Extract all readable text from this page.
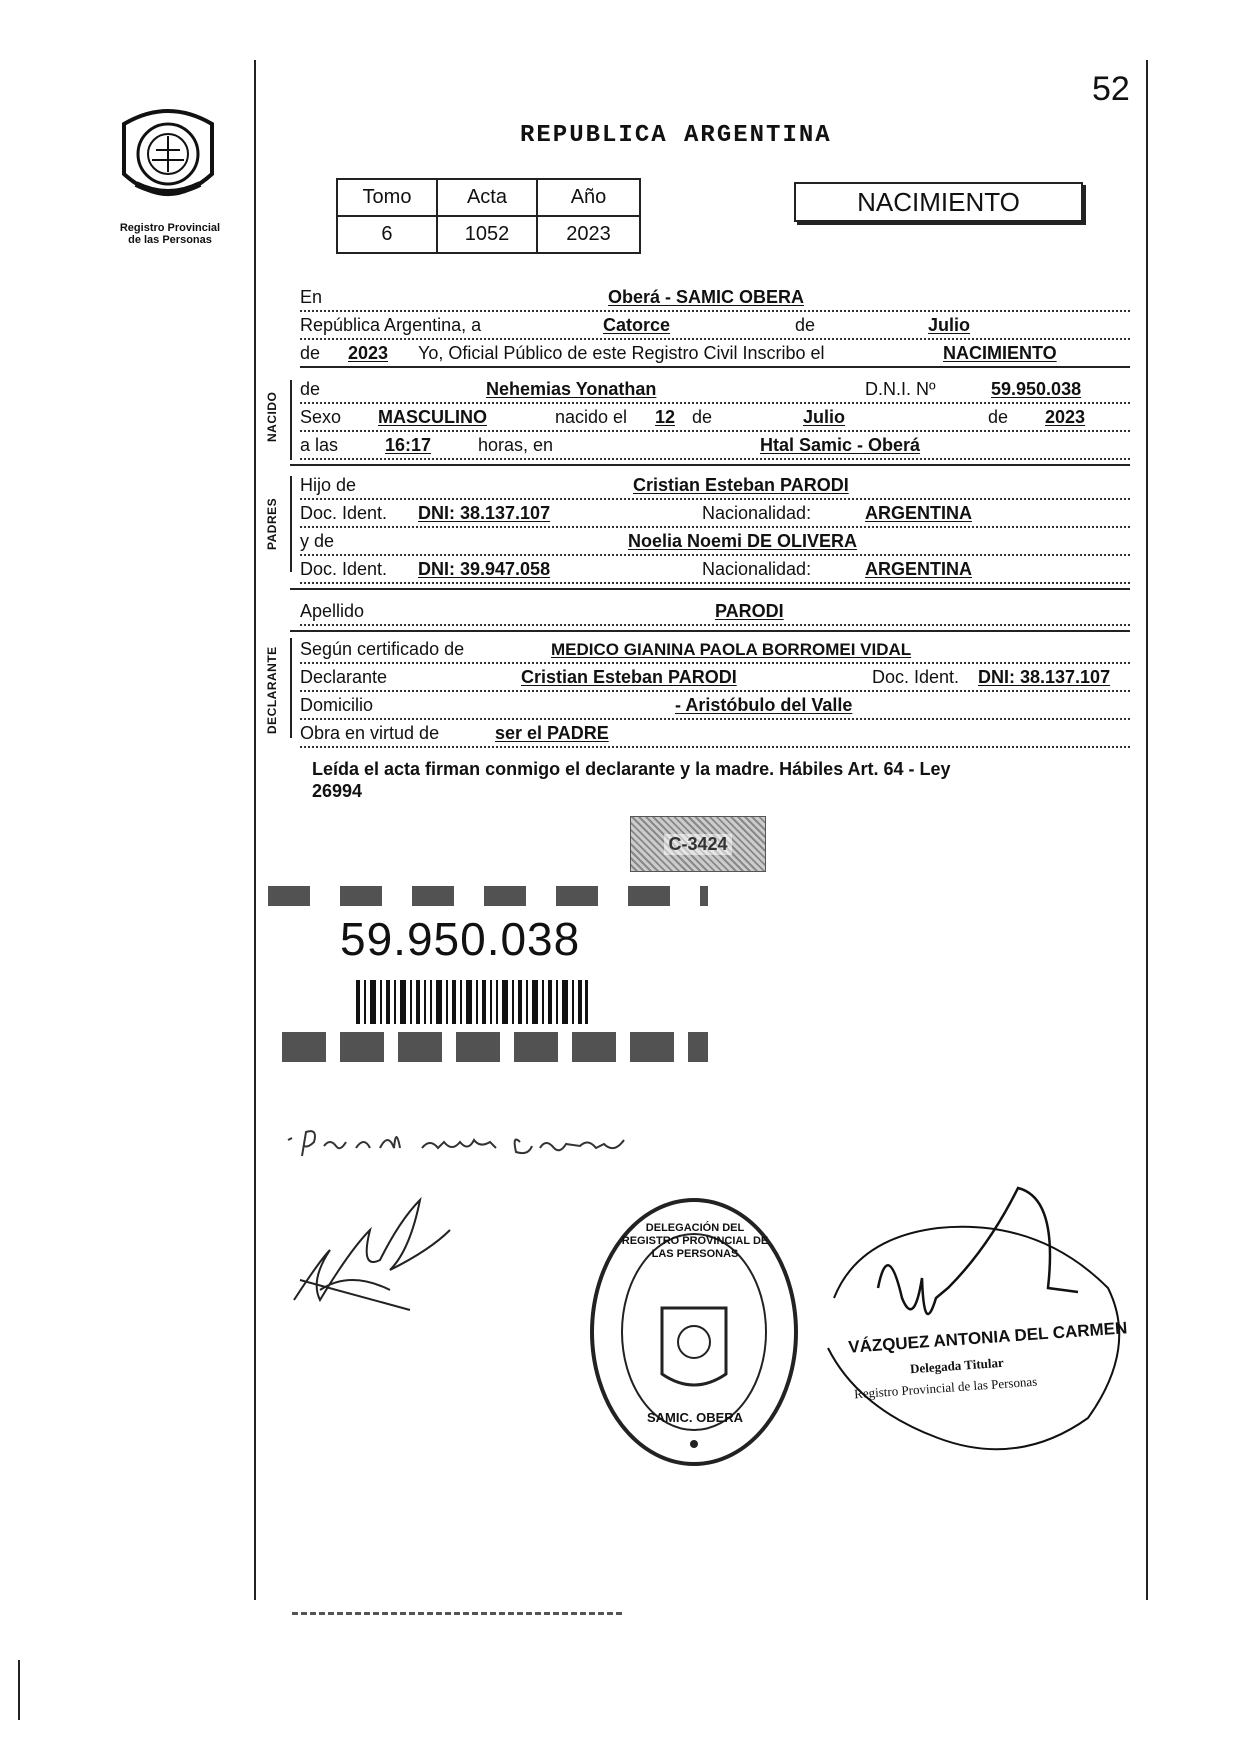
52
Registro Provincial
de las Personas
REPUBLICA ARGENTINA
Tomo	Acta	Año
6	1052	2023
NACIMIENTO
En	Oberá - SAMIC OBERA
República Argentina, a	Catorce	de	Julio
de 2023 Yo, Oficial Público de este Registro Civil Inscribo el	NACIMIENTO
NACIDO
de	Nehemias Yonathan	D.N.I. Nº	59.950.038
Sexo MASCULINO	nacido el 12 de	Julio	de 2023
a las	16:17	horas, en	Htal Samic - Oberá
PADRES
Hijo de	Cristian Esteban PARODI
Doc. Ident. DNI: 38.137.107	Nacionalidad:	ARGENTINA
y de	Noelia Noemi DE OLIVERA
Doc. Ident. DNI: 39.947.058	Nacionalidad:	ARGENTINA
Apellido	PARODI
DECLARANTE Según certificado de	MEDICO GIANINA PAOLA BORROMEI VIDAL
Declarante	Cristian Esteban PARODI	Doc. Ident. DNI: 38.137.107
Domicilio	- Aristóbulo del Valle
Obra en virtud de	ser el PADRE
Leída el acta firman conmigo el declarante y la madre. Hábiles Art. 64 - Ley
26994
C-3424
59.950.038
DELEGACIÓN DEL REGISTRO PROVINCIAL DE LAS PERSONAS
SAMIC. OBERA
VÁZQUEZ ANTONIA DEL CARMEN
Delegada Titular
Registro Provincial de las Personas
